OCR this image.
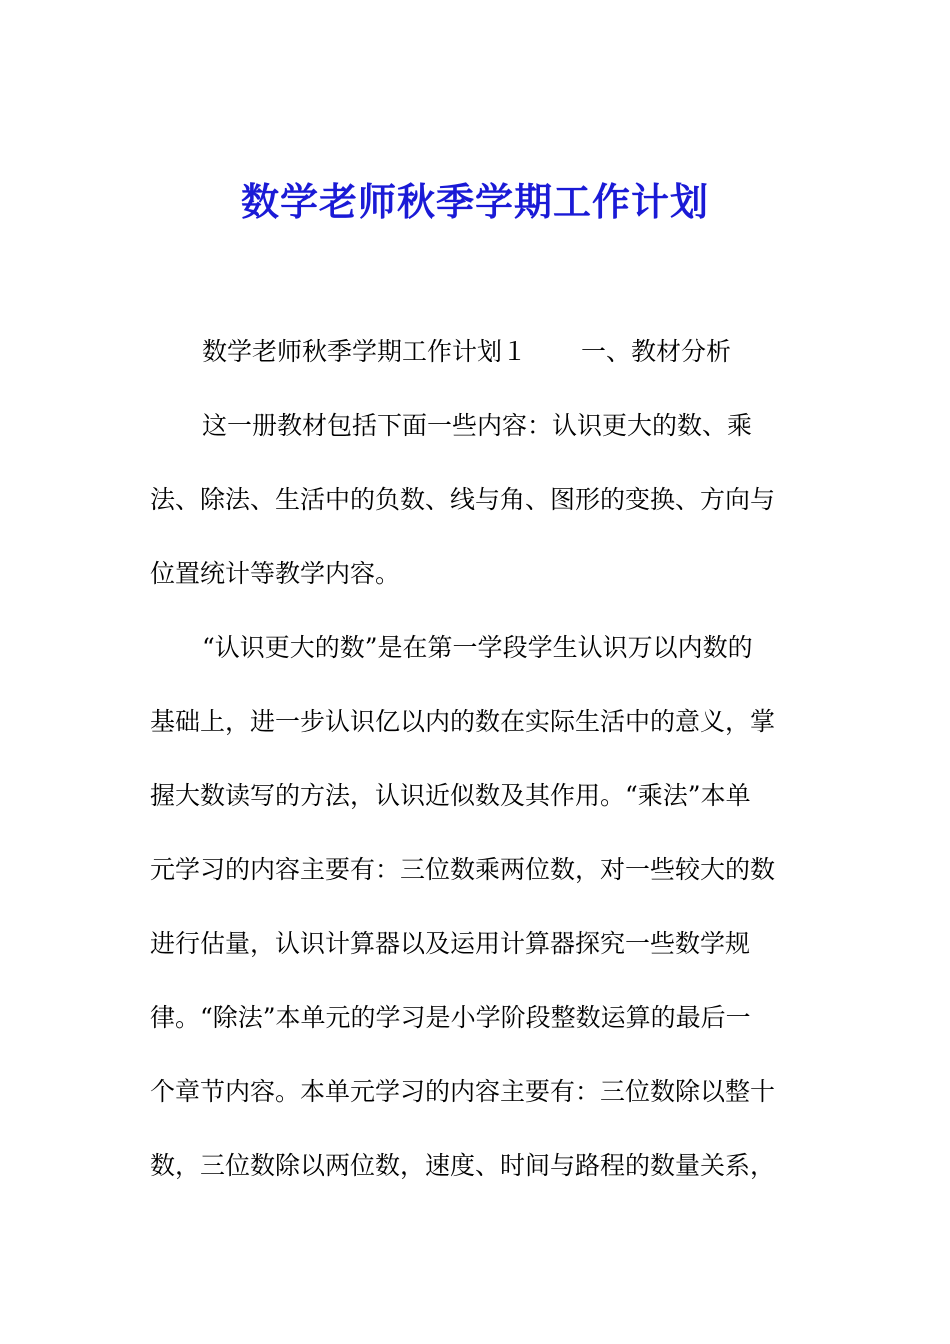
数学老师秋季学期工作计划
数学老师秋季学期工作计划１ 一、教材分析
这一册教材包括下面一些内容：认识更大的数、乘
法、除法、生活中的负数、线与角、图形的变换、方向与
位置统计等教学内容。
“认识更大的数”是在第一学段学生认识万以内数的
基础上，进一步认识亿以内的数在实际生活中的意义，掌
握大数读写的方法，认识近似数及其作用。“乘法”本单
元学习的内容主要有：三位数乘两位数，对一些较大的数
进行估量，认识计算器以及运用计算器探究一些数学规
律。“除法”本单元的学习是小学阶段整数运算的最后一
个章节内容。本单元学习的内容主要有：三位数除以整十
数，三位数除以两位数，速度、时间与路程的数量关系，
